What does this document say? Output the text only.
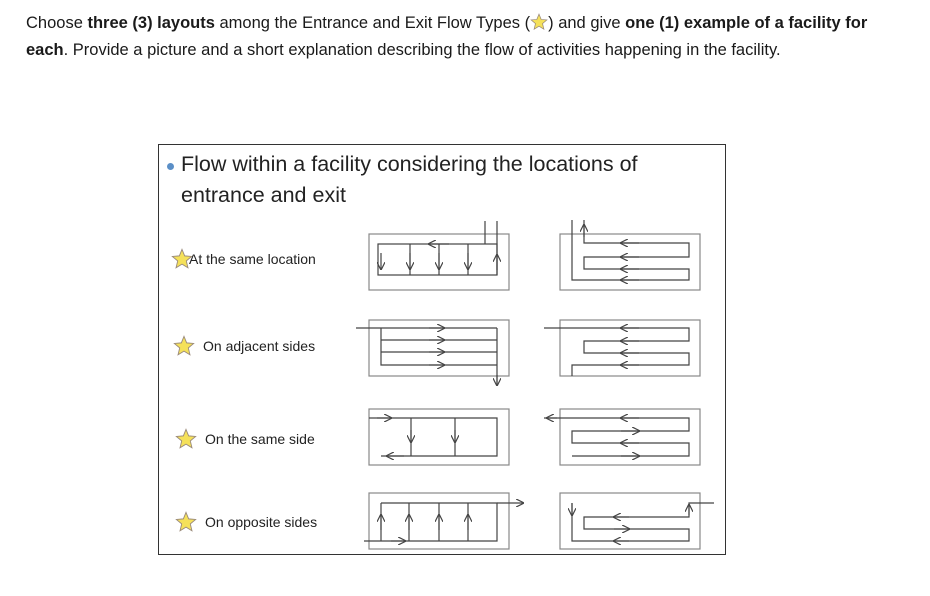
Choose three (3) layouts among the Entrance and Exit Flow Types ( ) and give one (1) example of a facility for each. Provide a picture and a short explanation describing the flow of activities happening in the facility.
Flow within a facility considering the locations of entrance and exit
At the same location
On adjacent sides
On the same side
On opposite sides
